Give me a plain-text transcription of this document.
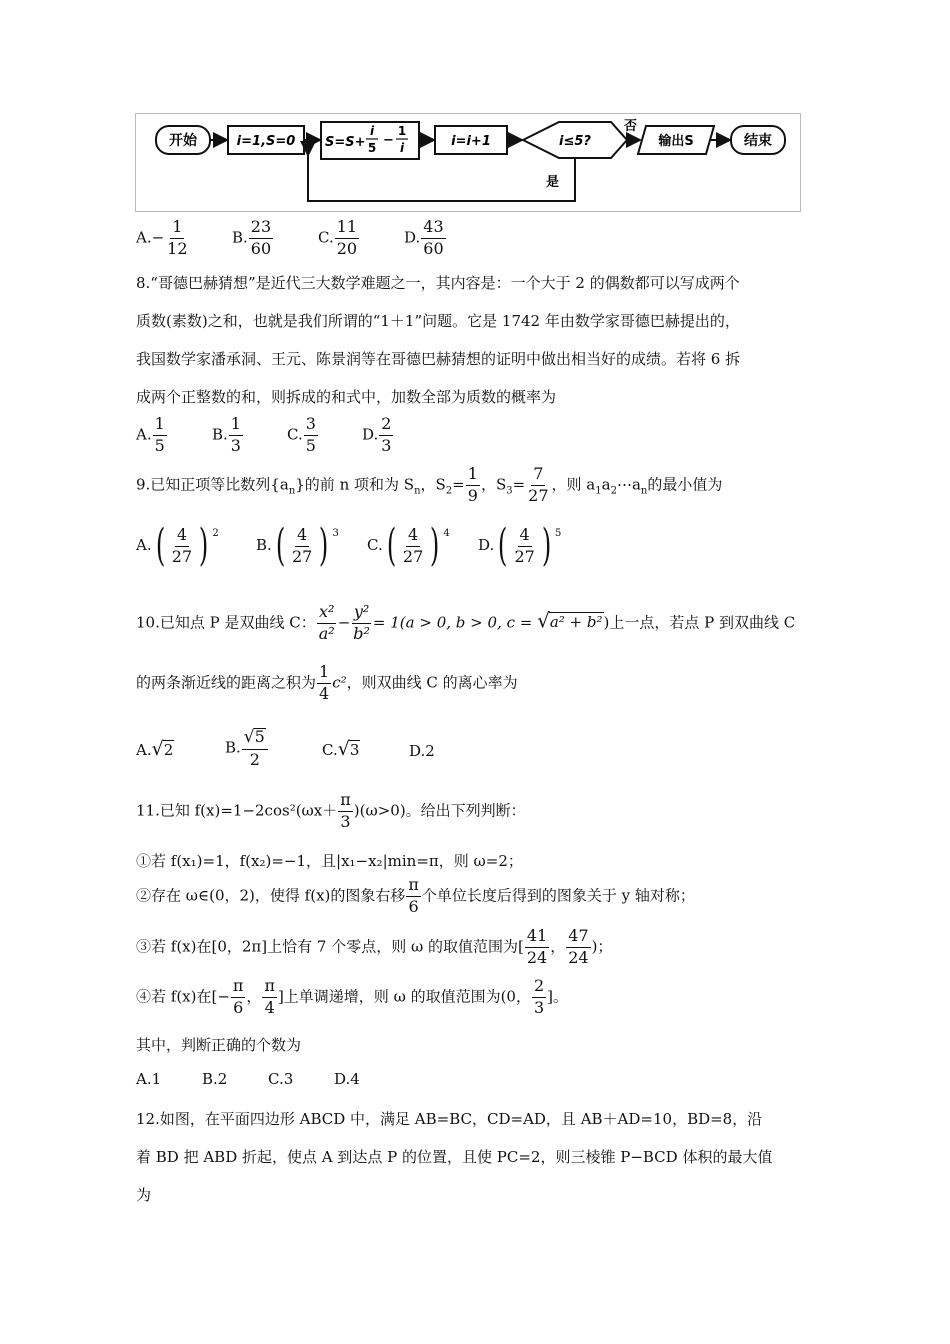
开始	i=1,S=0 S=S+
i
5 −
1
i	i=i+1	i≤5?
否
输出S	结束
是
$A.- \frac{1}{12}$	B. $\frac{23}{60}$	C. $\frac{11}{20}$	D. $\frac{43}{60}$
8.“哥德巴赫猜想”是近代三大数学难题之一，其内容是：一个大于 2 的偶数都可以写成两个
质数(素数)之和，也就是我们所谓的“1＋1”问题。它是 1742 年由数学家哥德巴赫提出的，
我国数学家潘承洞、王元、陈景润等在哥德巴赫猜想的证明中做出相当好的成绩。若将 6 拆
成两个正整数的和，则拆成的和式中，加数全部为质数的概率为
A. $\frac{1}{5}$	B. $\frac{1}{3}$	C. $\frac{3}{5}$	D. $\frac{2}{3}$
9.已知正项等比数列$\{a_n\}$的前 n 项和为 $S_n$，$S_2= \frac{1}{9}$ ，$S_3= \frac{7}{27}$ ，则 $a_1a_2\cdots a_n$的最小值为
$A.( \frac{4}{27}$ ) $^2$
$B.( \frac{4}{27}$ ) $^3$
$C.( \frac{4}{27}$ ) $^4$
$D.( \frac{4}{27}$ ) $^5$
10.已知点 P 是双曲线 C： $\frac{\text{x²}}{\text{a²}} - \frac{\text{y²}}{\text{b²}} = 1(a > 0$, b > 0, c = √a² + b²)上一点，若点 P 到双曲线 C
的两条渐近线的距离之积为 $\frac{1}{4} c^2$，则双曲线 C 的离心率为
A.√2	B. $\frac{√5}{2}$	C.√3	D.2
11.已知 $f(x)=1-2\cos^2(\omega x+ \frac{\pi}{3} )(\omega>0)$。给出下列判断：
①若 f(x₁)=1，f(x₂)=−1，且|x₁−x₂|min=π，则 ω=2；
②存在 ω∈(0，2)，使得 f(x)的图象右移 $\frac{\pi}{6}$ 个单位长度后得到的图象关于 y 轴对称；
③若 f(x)在[0，2π]上恰有 7 个零点，则 ω 的取值范围为[ $\frac{41}{24}$ ， $\frac{47}{24}$ )；
④若 f(x)在[− $\frac{\pi}{6}$ ， $\frac{\pi}{4}$ ]上单调递增，则 ω 的取值范围为(0， $\frac{2}{3}$ ]。
其中，判断正确的个数为
A.1	B.2	C.3	D.4
12.如图，在平面四边形 ABCD 中，满足 AB=BC，CD=AD，且 AB＋AD=10，BD=8，沿
着 BD 把 ABD 折起，使点 A 到达点 P 的位置，且使 PC=2，则三棱锥 P−BCD 体积的最大值
为
